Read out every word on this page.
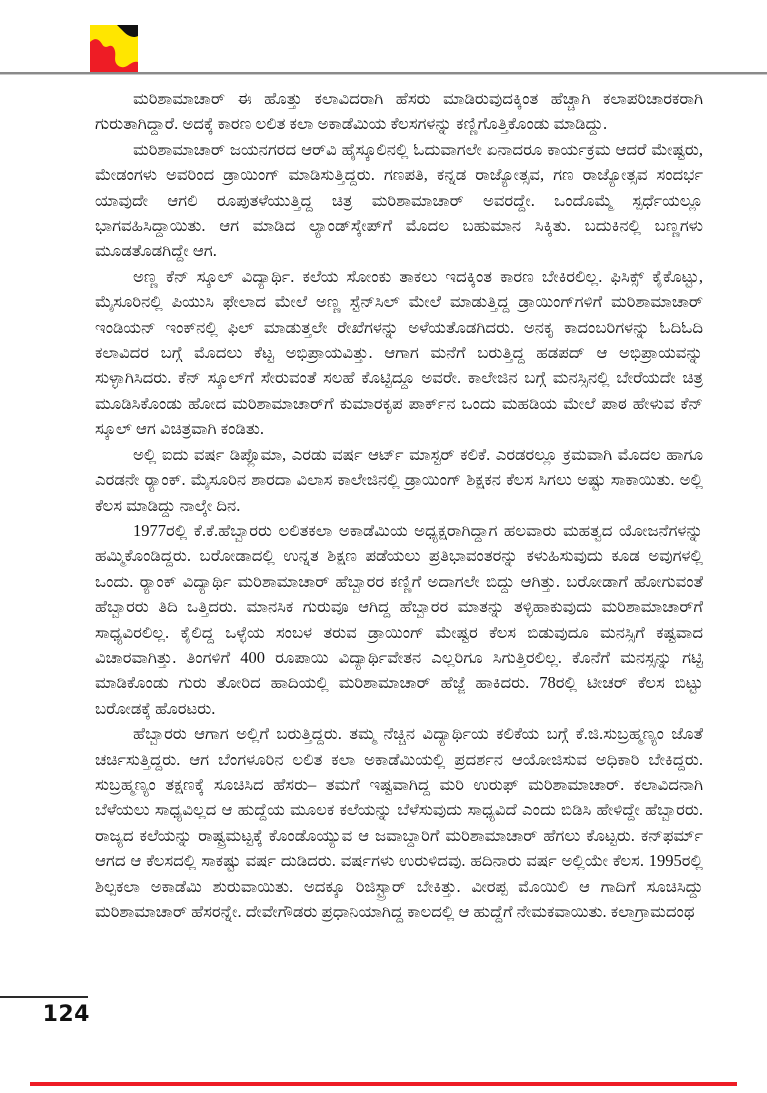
ಮರಿಶಾಮಾಚಾರ್ ಈ ಹೊತ್ತು ಕಲಾವಿದರಾಗಿ ಹೆಸರು ಮಾಡಿರುವುದಕ್ಕಿಂತ ಹೆಚ್ಚಾಗಿ ಕಲಾಪರಿಚಾರಕರಾಗಿ ಗುರುತಾಗಿದ್ದಾರೆ. ಅದಕ್ಕೆ ಕಾರಣ ಲಲಿತ ಕಲಾ ಅಕಾಡೆಮಿಯ ಕೆಲಸಗಳನ್ನು ಕಣ್ಣಿಗೊತ್ತಿಕೊಂಡು ಮಾಡಿದ್ದು.

ಮರಿಶಾಮಾಚಾರ್ ಜಯನಗರದ ಆರ್‌ವಿ ಹೈಸ್ಕೂಲಿನಲ್ಲಿ ಓದುವಾಗಲೇ ಏನಾದರೂ ಕಾರ್ಯಕ್ರಮ ಆದರೆ ಮೇಷ್ಟರು, ಮೇಡಂಗಳು ಅವರಿಂದ ಡ್ರಾಯಿಂಗ್ ಮಾಡಿಸುತ್ತಿದ್ದರು. ಗಣಪತಿ, ಕನ್ನಡ ರಾಜ್ಯೋತ್ಸವ, ಗಣ ರಾಜ್ಯೋತ್ಸವ ಸಂದರ್ಭ ಯಾವುದೇ ಆಗಲಿ ರೂಪುತಳೆಯುತ್ತಿದ್ದ ಚಿತ್ರ ಮರಿಶಾಮಾಚಾರ್ ಅವರದ್ದೇ. ಒಂದೊಮ್ಮೆ ಸ್ಪರ್ಧೆಯಲ್ಲೂ ಭಾಗವಹಿಸಿದ್ದಾಯಿತು. ಆಗ ಮಾಡಿದ ಲ್ಯಾಂಡ್‌ಸ್ಕೇಪ್‌ಗೆ ಮೊದಲ ಬಹುಮಾನ ಸಿಕ್ಕಿತು. ಬದುಕಿನಲ್ಲಿ ಬಣ್ಣಗಳು ಮೂಡತೊಡಗಿದ್ದೇ ಆಗ.

ಅಣ್ಣ ಕೆನ್ ಸ್ಕೂಲ್ ವಿದ್ಯಾರ್ಥಿ. ಕಲೆಯ ಸೋಂಕು ತಾಕಲು ಇದಕ್ಕಿಂತ ಕಾರಣ ಬೇಕಿರಲಿಲ್ಲ. ಫಿಸಿಕ್ಸ್ ಕೈಕೊಟ್ಟು, ಮೈಸೂರಿನಲ್ಲಿ ಪಿಯುಸಿ ಫೇಲಾದ ಮೇಲೆ ಅಣ್ಣ ಸ್ಟೆನ್‌ಸಿಲ್ ಮೇಲೆ ಮಾಡುತ್ತಿದ್ದ ಡ್ರಾಯಿಂಗ್‌ಗಳಿಗೆ ಮರಿಶಾಮಾಚಾರ್ ಇಂಡಿಯನ್ ಇಂಕ್‌ನಲ್ಲಿ ಫಿಲ್ ಮಾಡುತ್ತಲೇ ರೇಖೆಗಳನ್ನು ಅಳೆಯತೊಡಗಿದರು. ಅನಕೃ ಕಾದಂಬರಿಗಳನ್ನು ಓದಿಓದಿ ಕಲಾವಿದರ ಬಗ್ಗೆ ಮೊದಲು ಕೆಟ್ಟ ಅಭಿಪ್ರಾಯವಿತ್ತು. ಆಗಾಗ ಮನೆಗೆ ಬರುತ್ತಿದ್ದ ಹಡಪದ್ ಆ ಅಭಿಪ್ರಾಯವನ್ನು ಸುಳ್ಳಾಗಿಸಿದರು. ಕೆನ್ ಸ್ಕೂಲ್‌ಗೆ ಸೇರುವಂತೆ ಸಲಹೆ ಕೊಟ್ಟಿದ್ದೂ ಅವರೇ. ಕಾಲೇಜಿನ ಬಗ್ಗೆ ಮನಸ್ಸಿನಲ್ಲಿ ಬೇರೆಯದೇ ಚಿತ್ರ ಮೂಡಿಸಿಕೊಂಡು ಹೋದ ಮರಿಶಾಮಾಚಾರ್‌ಗೆ ಕುಮಾರಕೃಪ ಪಾರ್ಕ್‌ನ ಒಂದು ಮಹಡಿಯ ಮೇಲೆ ಪಾಠ ಹೇಳುವ ಕೆನ್ ಸ್ಕೂಲ್ ಆಗ ವಿಚಿತ್ರವಾಗಿ ಕಂಡಿತು.

ಅಲ್ಲಿ ಐದು ವರ್ಷ ಡಿಪ್ಲೊಮಾ, ಎರಡು ವರ್ಷ ಆರ್ಟ್ ಮಾಸ್ಟರ್ ಕಲಿಕೆ. ಎರಡರಲ್ಲೂ ಕ್ರಮವಾಗಿ ಮೊದಲ ಹಾಗೂ ಎರಡನೇ ರ‍್ಯಾಂಕ್. ಮೈಸೂರಿನ ಶಾರದಾ ವಿಲಾಸ ಕಾಲೇಜಿನಲ್ಲಿ ಡ್ರಾಯಿಂಗ್ ಶಿಕ್ಷಕನ ಕೆಲಸ ಸಿಗಲು ಅಷ್ಟು ಸಾಕಾಯಿತು. ಅಲ್ಲಿ ಕೆಲಸ ಮಾಡಿದ್ದು ನಾಲ್ಕೇ ದಿನ.

1977ರಲ್ಲಿ ಕೆ.ಕೆ.ಹೆಬ್ಬಾರರು ಲಲಿತಕಲಾ ಅಕಾಡೆಮಿಯ ಅಧ್ಯಕ್ಷರಾಗಿದ್ದಾಗ ಹಲವಾರು ಮಹತ್ವದ ಯೋಜನೆಗಳನ್ನು ಹಮ್ಮಿಕೊಂಡಿದ್ದರು. ಬರೋಡಾದಲ್ಲಿ ಉನ್ನತ ಶಿಕ್ಷಣ ಪಡೆಯಲು ಪ್ರತಿಭಾವಂತರನ್ನು ಕಳುಹಿಸುವುದು ಕೂಡ ಅವುಗಳಲ್ಲಿ ಒಂದು. ರ‍್ಯಾಂಕ್ ವಿದ್ಯಾರ್ಥಿ ಮರಿಶಾಮಾಚಾರ್ ಹೆಬ್ಬಾರರ ಕಣ್ಣಿಗೆ ಅದಾಗಲೇ ಬಿದ್ದು ಆಗಿತ್ತು. ಬರೋಡಾಗೆ ಹೋಗುವಂತೆ ಹೆಬ್ಬಾರರು ತಿದಿ ಒತ್ತಿದರು. ಮಾನಸಿಕ ಗುರುವೂ ಆಗಿದ್ದ ಹೆಬ್ಬಾರರ ಮಾತನ್ನು ತಳ್ಳಿಹಾಕುವುದು ಮರಿಶಾಮಾಚಾರ್‌ಗೆ ಸಾಧ್ಯವಿರಲಿಲ್ಲ. ಕೈಲಿದ್ದ ಒಳ್ಳೆಯ ಸಂಬಳ ತರುವ ಡ್ರಾಯಿಂಗ್ ಮೇಷ್ಟರ ಕೆಲಸ ಬಿಡುವುದೂ ಮನಸ್ಸಿಗೆ ಕಷ್ಟವಾದ ವಿಚಾರವಾಗಿತ್ತು. ತಿಂಗಳಿಗೆ 400 ರೂಪಾಯಿ ವಿದ್ಯಾರ್ಥಿವೇತನ ಎಲ್ಲರಿಗೂ ಸಿಗುತ್ತಿರಲಿಲ್ಲ. ಕೊನೆಗೆ ಮನಸ್ಸನ್ನು ಗಟ್ಟಿ ಮಾಡಿಕೊಂಡು ಗುರು ತೋರಿದ ಹಾದಿಯಲ್ಲಿ ಮರಿಶಾಮಾಚಾರ್ ಹೆಜ್ಜೆ ಹಾಕಿದರು. 78ರಲ್ಲಿ ಟೀಚರ್ ಕೆಲಸ ಬಿಟ್ಟು ಬರೋಡಕ್ಕೆ ಹೊರಟರು.

ಹೆಬ್ಬಾರರು ಆಗಾಗ ಅಲ್ಲಿಗೆ ಬರುತ್ತಿದ್ದರು. ತಮ್ಮ ನೆಚ್ಚಿನ ವಿದ್ಯಾರ್ಥಿಯ ಕಲಿಕೆಯ ಬಗ್ಗೆ ಕೆ.ಜಿ.ಸುಬ್ರಹ್ಮಣ್ಯಂ ಜೊತೆ ಚರ್ಚಿಸುತ್ತಿದ್ದರು. ಆಗ ಬೆಂಗಳೂರಿನ ಲಲಿತ ಕಲಾ ಅಕಾಡೆಮಿಯಲ್ಲಿ ಪ್ರದರ್ಶನ ಆಯೋಜಿಸುವ ಅಧಿಕಾರಿ ಬೇಕಿದ್ದರು. ಸುಬ್ರಹ್ಮಣ್ಯಂ ತಕ್ಷಣಕ್ಕೆ ಸೂಚಿಸಿದ ಹೆಸರು– ತಮಗೆ ಇಷ್ಟವಾಗಿದ್ದ ಮರಿ ಉರುಫ್ ಮರಿಶಾಮಾಚಾರ್. ಕಲಾವಿದನಾಗಿ ಬೆಳೆಯಲು ಸಾಧ್ಯವಿಲ್ಲದ ಆ ಹುದ್ದೆಯ ಮೂಲಕ ಕಲೆಯನ್ನು ಬೆಳೆಸುವುದು ಸಾಧ್ಯವಿದೆ ಎಂದು ಬಿಡಿಸಿ ಹೇಳಿದ್ದೇ ಹೆಬ್ಬಾರರು. ರಾಜ್ಯದ ಕಲೆಯನ್ನು ರಾಷ್ಟ್ರಮಟ್ಟಕ್ಕೆ ಕೊಂಡೊಯ್ಯುವ ಆ ಜವಾಬ್ದಾರಿಗೆ ಮರಿಶಾಮಾಚಾರ್ ಹೆಗಲು ಕೊಟ್ಟರು. ಕನ್‌ಫರ್ಮ್ ಆಗದ ಆ ಕೆಲಸದಲ್ಲಿ ಸಾಕಷ್ಟು ವರ್ಷ ದುಡಿದರು. ವರ್ಷಗಳು ಉರುಳಿದವು. ಹದಿನಾರು ವರ್ಷ ಅಲ್ಲಿಯೇ ಕೆಲಸ. 1995ರಲ್ಲಿ ಶಿಲ್ಪಕಲಾ ಅಕಾಡೆಮಿ ಶುರುವಾಯಿತು. ಅದಕ್ಕೂ ರಿಜಿಸ್ಟ್ರಾರ್ ಬೇಕಿತ್ತು. ವೀರಪ್ಪ ಮೊಯಿಲಿ ಆ ಗಾದಿಗೆ ಸೂಚಿಸಿದ್ದು ಮರಿಶಾಮಾಚಾರ್ ಹೆಸರನ್ನೇ. ದೇವೇಗೌಡರು ಪ್ರಧಾನಿಯಾಗಿದ್ದ ಕಾಲದಲ್ಲಿ ಆ ಹುದ್ದೆಗೆ ನೇಮಕವಾಯಿತು. ಕಲಾಗ್ರಾಮದಂಥ

124
